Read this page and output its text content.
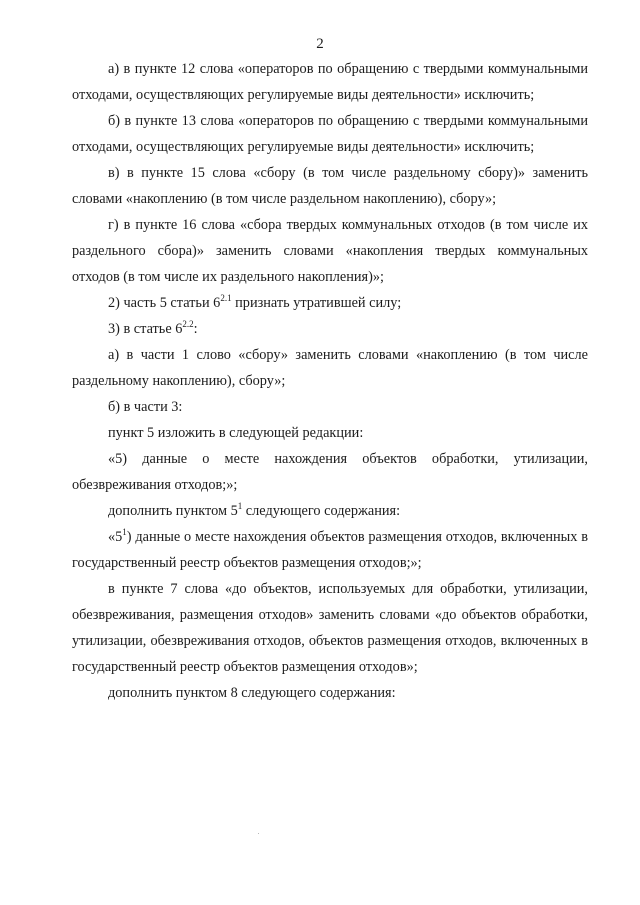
2

а) в пункте 12 слова «операторов по обращению с твердыми коммунальными отходами, осуществляющих регулируемые виды деятельности» исключить;

б) в пункте 13 слова «операторов по обращению с твердыми коммунальными отходами, осуществляющих регулируемые виды деятельности» исключить;

в) в пункте 15 слова «сбору (в том числе раздельному сбору)» заменить словами «накоплению (в том числе раздельном накоплению), сбору»;

г) в пункте 16 слова «сбора твердых коммунальных отходов (в том числе их раздельного сбора)» заменить словами «накопления твердых коммунальных отходов (в том числе их раздельного накопления)»;

2) часть 5 статьи $6^{2.1}$ признать утратившей силу;

3) в статье $6^{2.2}$:

а) в части 1 слово «сбору» заменить словами «накоплению (в том числе раздельному накоплению), сбору»;

б) в части 3:

пункт 5 изложить в следующей редакции:

«5) данные о месте нахождения объектов обработки, утилизации, обезвреживания отходов;»;

дополнить пунктом $5^1$ следующего содержания:

«$5^1$) данные о месте нахождения объектов размещения отходов, включенных в государственный реестр объектов размещения отходов;»;

в пункте 7 слова «до объектов, используемых для обработки, утилизации, обезвреживания, размещения отходов» заменить словами «до объектов обработки, утилизации, обезвреживания отходов, объектов размещения отходов, включенных в государственный реестр объектов размещения отходов»;

дополнить пунктом 8 следующего содержания:
